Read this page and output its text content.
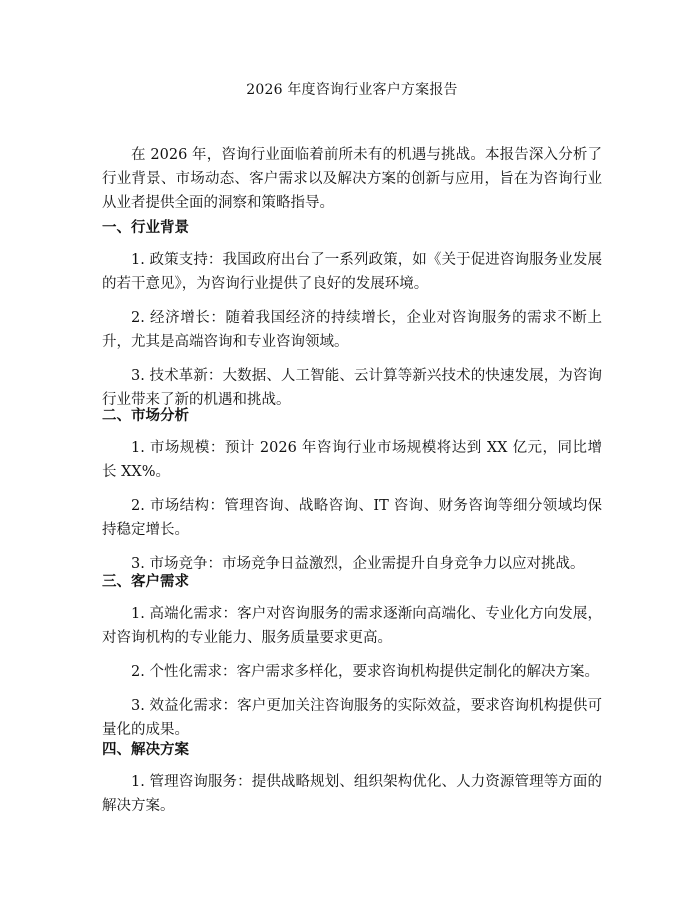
2026 年度咨询行业客户方案报告

在 2026 年，咨询行业面临着前所未有的机遇与挑战。本报告深入分析了行业背景、市场动态、客户需求以及解决方案的创新与应用，旨在为咨询行业从业者提供全面的洞察和策略指导。

一、行业背景

1. 政策支持：我国政府出台了一系列政策，如《关于促进咨询服务业发展的若干意见》，为咨询行业提供了良好的发展环境。

2. 经济增长：随着我国经济的持续增长，企业对咨询服务的需求不断上升，尤其是高端咨询和专业咨询领域。

3. 技术革新：大数据、人工智能、云计算等新兴技术的快速发展，为咨询行业带来了新的机遇和挑战。

二、市场分析

1. 市场规模：预计 2026 年咨询行业市场规模将达到 XX 亿元，同比增长 XX%。

2. 市场结构：管理咨询、战略咨询、IT 咨询、财务咨询等细分领域均保持稳定增长。

3. 市场竞争：市场竞争日益激烈，企业需提升自身竞争力以应对挑战。

三、客户需求

1. 高端化需求：客户对咨询服务的需求逐渐向高端化、专业化方向发展，对咨询机构的专业能力、服务质量要求更高。

2. 个性化需求：客户需求多样化，要求咨询机构提供定制化的解决方案。

3. 效益化需求：客户更加关注咨询服务的实际效益，要求咨询机构提供可量化的成果。

四、解决方案

1. 管理咨询服务：提供战略规划、组织架构优化、人力资源管理等方面的解决方案。
